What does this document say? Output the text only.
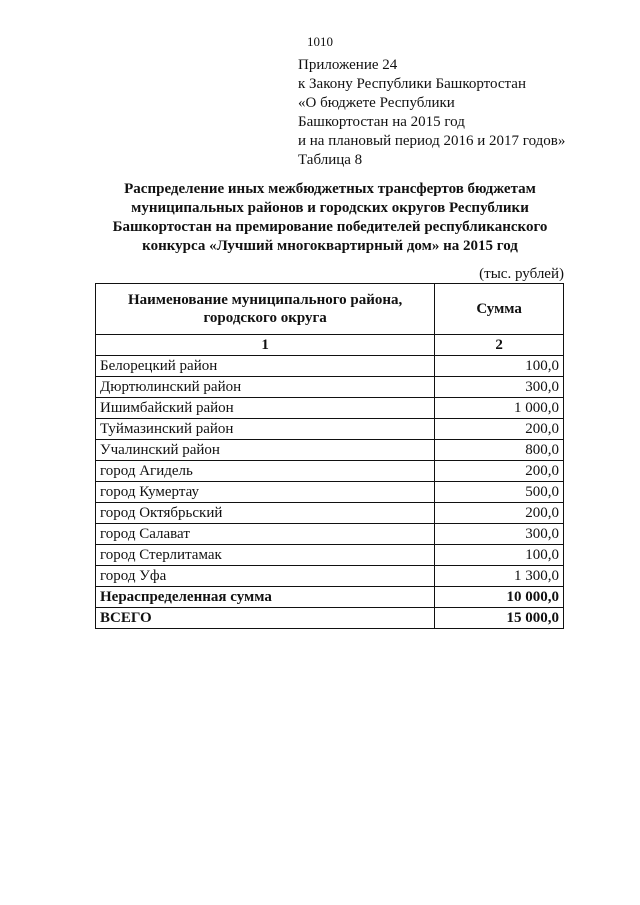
1010
Приложение 24
к Закону Республики Башкортостан
«О бюджете Республики
Башкортостан на 2015 год
и на плановый период 2016 и 2017 годов»
Таблица 8
Распределение иных межбюджетных трансфертов бюджетам
муниципальных районов и городских округов Республики
Башкортостан на премирование победителей республиканского
конкурса «Лучший многоквартирный дом» на 2015 год
(тыс. рублей)
Наименование муниципального района,
городского округа	Сумма
1	2
Белорецкий район	100,0
Дюртюлинский район	300,0
Ишимбайский район	1 000,0
Туймазинский район	200,0
Учалинский район	800,0
город Агидель	200,0
город Кумертау	500,0
город Октябрьский	200,0
город Салават	300,0
город Стерлитамак	100,0
город Уфа	1 300,0
Нераспределенная сумма	10 000,0
ВСЕГО	15 000,0
